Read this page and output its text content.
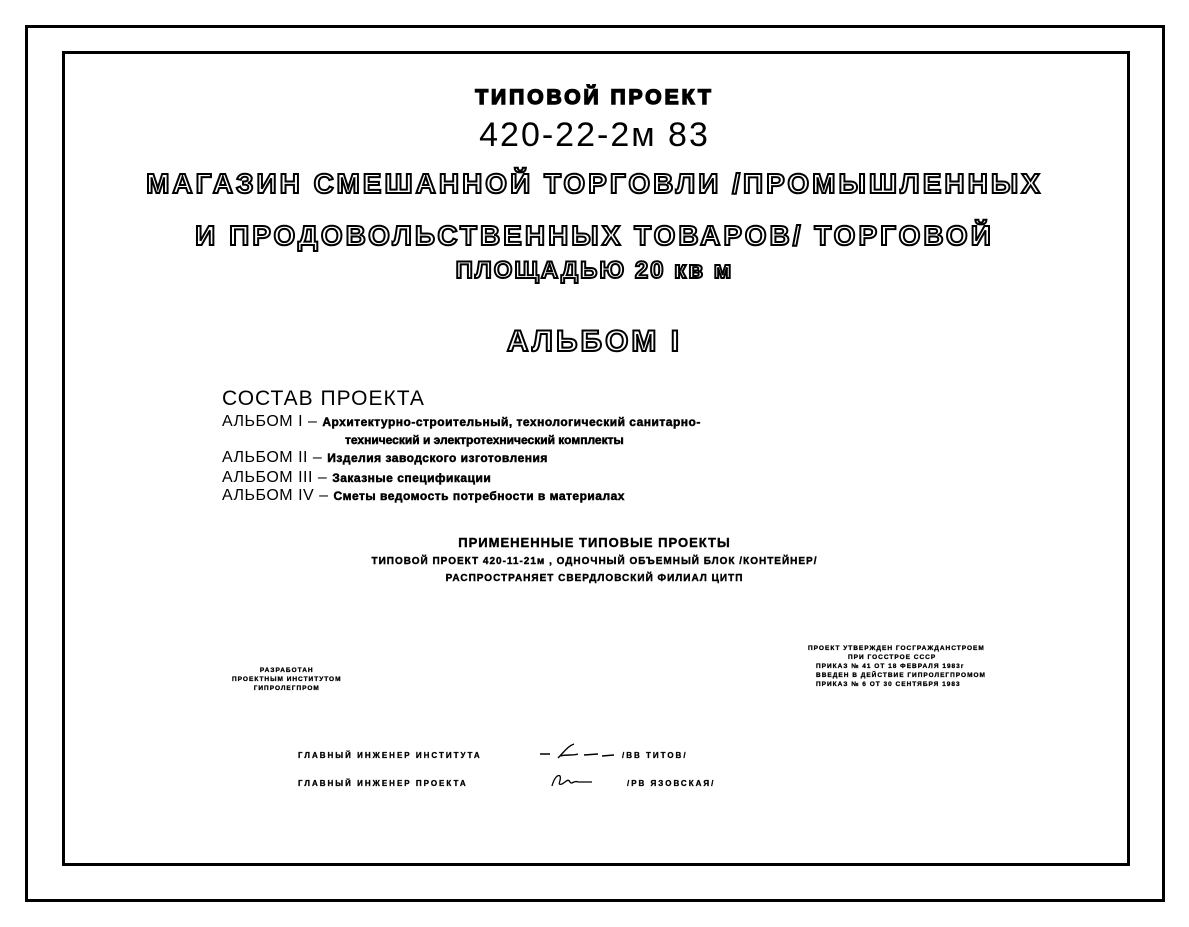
ТИПОВОЙ ПРОЕКТ
420-22-2м 83
МАГАЗИН СМЕШАННОЙ ТОРГОВЛИ /ПРОМЫШЛЕННЫХ
И ПРОДОВОЛЬСТВЕННЫХ ТОВАРОВ/ ТОРГОВОЙ
ПЛОЩАДЬЮ 20 кв м
АЛЬБОМ I
СОСТАВ ПРОЕКТА
АЛЬБОМ I – Архитектурно-строительный, технологический санитарно-
технический и электротехнический комплекты
АЛЬБОМ II – Изделия заводского изготовления
АЛЬБОМ III – Заказные спецификации
АЛЬБОМ IV – Сметы ведомость потребности в материалах
ПРИМЕНЕННЫЕ ТИПОВЫЕ ПРОЕКТЫ
ТИПОВОЙ ПРОЕКТ 420-11-21м , ОДНОЧНЫЙ ОБЪЕМНЫЙ БЛОК /КОНТЕЙНЕР/
РАСПРОСТРАНЯЕТ СВЕРДЛОВСКИЙ ФИЛИАЛ ЦИТП
РАЗРАБОТАН
ПРОЕКТНЫМ ИНСТИТУТОМ
ГИПРОЛЕГПРОМ
ПРОЕКТ УТВЕРЖДЕН ГОСГРАЖДАНСТРОЕМ
ПРИ ГОССТРОЕ СССР
ПРИКАЗ № 41 ОТ 18 ФЕВРАЛЯ 1983г
ВВЕДЕН В ДЕЙСТВИЕ ГИПРОЛЕГПРОМОМ
ПРИКАЗ № 6 ОТ 30 СЕНТЯБРЯ 1983
ГЛАВНЫЙ ИНЖЕНЕР ИНСТИТУТА	/ВВ ТИТОВ/
ГЛАВНЫЙ ИНЖЕНЕР ПРОЕКТА	/РВ ЯЗОВСКАЯ/
